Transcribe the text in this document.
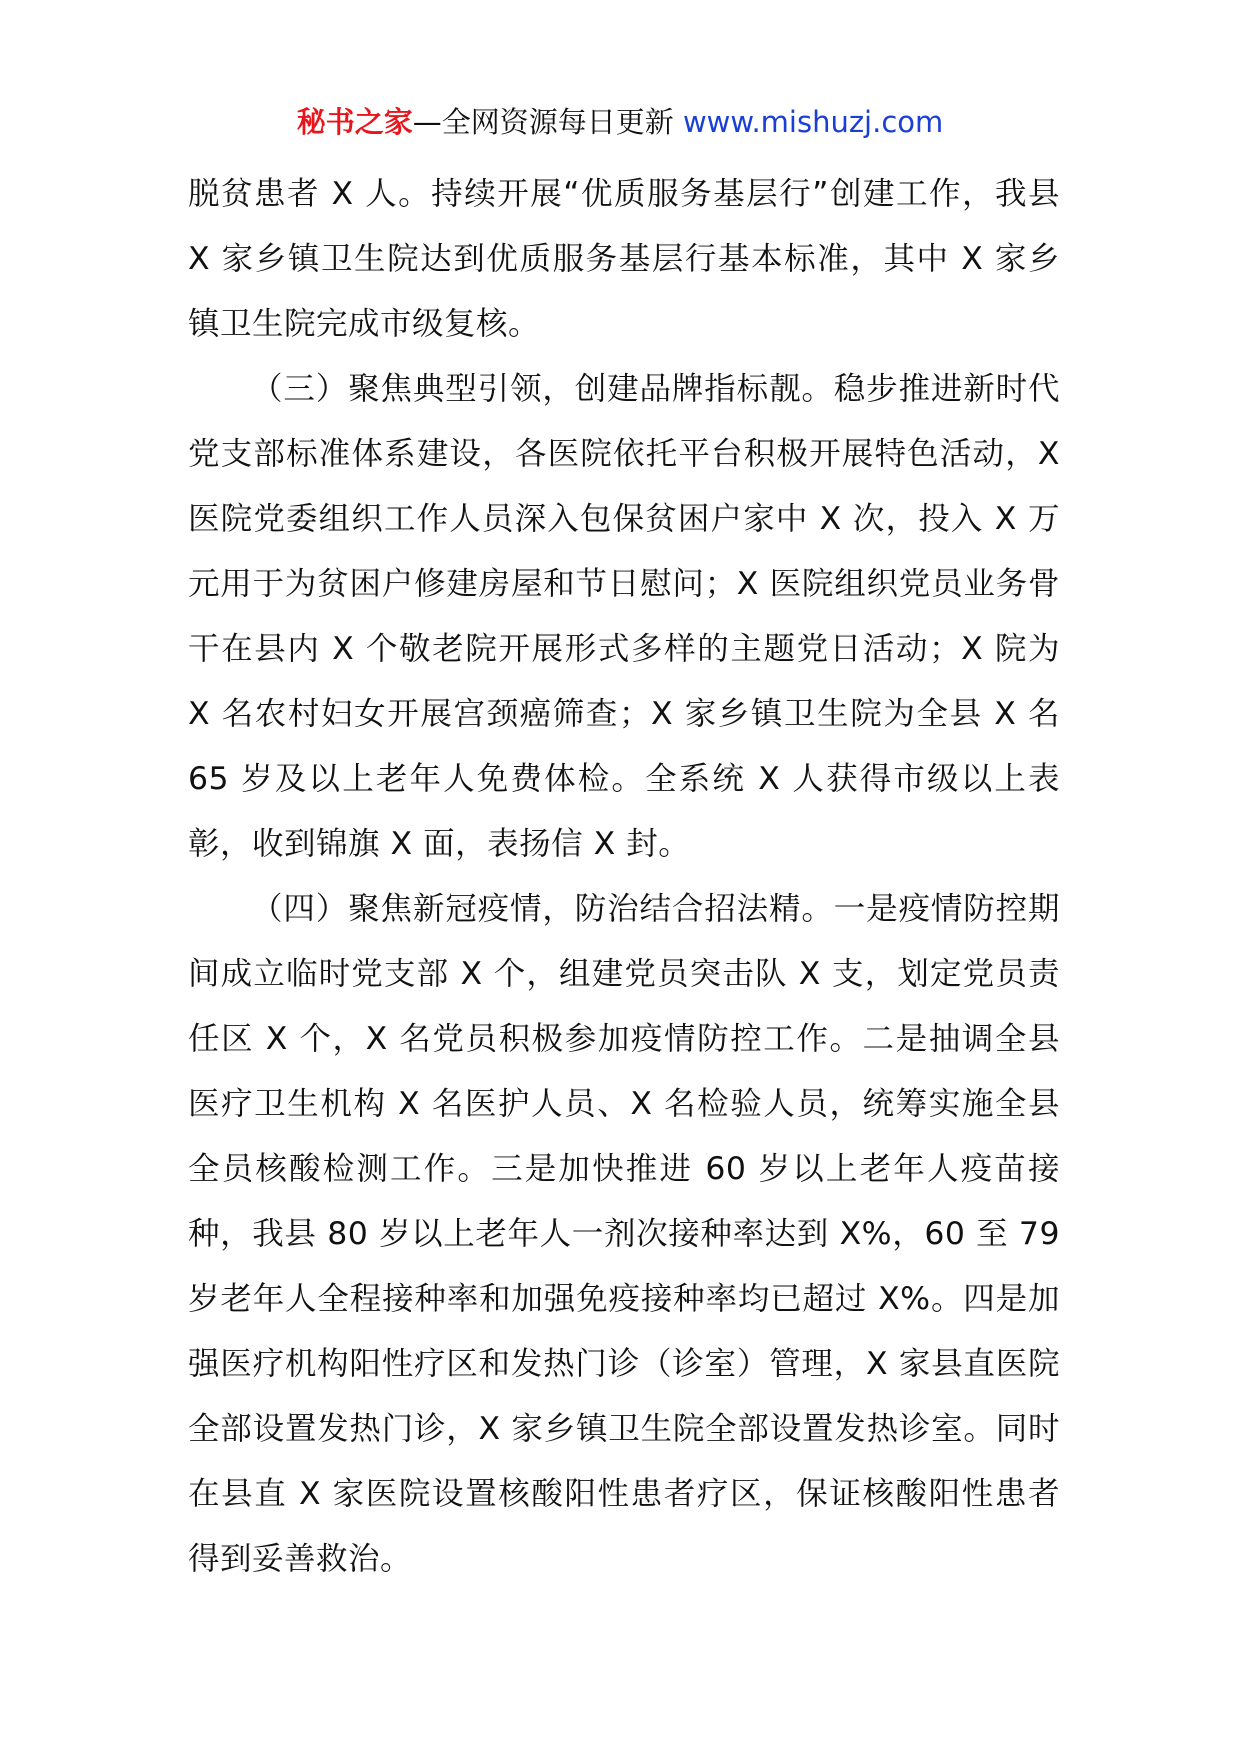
秘书之家—全网资源每日更新 www.mishuzj.com

脱贫患者 X 人。持续开展“优质服务基层行”创建工作，我县 X 家乡镇卫生院达到优质服务基层行基本标准，其中 X 家乡镇卫生院完成市级复核。

（三）聚焦典型引领，创建品牌指标靓。稳步推进新时代党支部标准体系建设，各医院依托平台积极开展特色活动，X 医院党委组织工作人员深入包保贫困户家中 X 次，投入 X 万元用于为贫困户修建房屋和节日慰问；X 医院组织党员业务骨干在县内 X 个敬老院开展形式多样的主题党日活动；X 院为 X 名农村妇女开展宫颈癌筛查；X 家乡镇卫生院为全县 X 名 65 岁及以上老年人免费体检。全系统 X 人获得市级以上表彰，收到锦旗 X 面，表扬信 X 封。

（四）聚焦新冠疫情，防治结合招法精。一是疫情防控期间成立临时党支部 X 个，组建党员突击队 X 支，划定党员责任区 X 个，X 名党员积极参加疫情防控工作。二是抽调全县医疗卫生机构 X 名医护人员、X 名检验人员，统筹实施全县全员核酸检测工作。三是加快推进 60 岁以上老年人疫苗接种，我县 80 岁以上老年人一剂次接种率达到 X%，60 至 79 岁老年人全程接种率和加强免疫接种率均已超过 X%。四是加强医疗机构阳性疗区和发热门诊（诊室）管理，X 家县直医院全部设置发热门诊，X 家乡镇卫生院全部设置发热诊室。同时在县直 X 家医院设置核酸阳性患者疗区，保证核酸阳性患者得到妥善救治。
